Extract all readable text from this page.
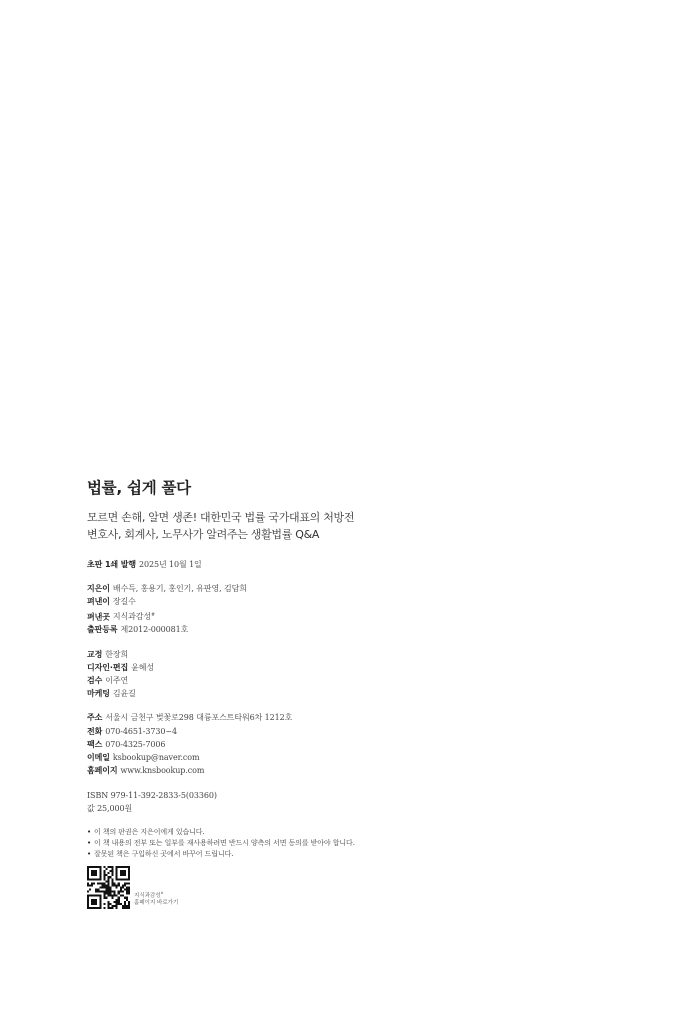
법률, 쉽게 풀다
모르면 손해, 알면 생존! 대한민국 법률 국가대표의 처방전
변호사, 회계사, 노무사가 알려주는 생활법률 Q&A
초판 1쇄 발행 2025년 10월 1일
지은이 배수득, 홍용기, 홍인기, 유판영, 김담희
펴낸이 장길수
펴낸곳 지식과감성#
출판등록 제2012-000081호
교정 한장희
디자인·편집 윤혜성
검수 이주연
마케팅 김윤길
주소 서울시 금천구 벚꽃로298 대륭포스트타워6차 1212호
전화 070-4651-3730~4
팩스 070-4325-7006
이메일 ksbookup@naver.com
홈페이지 www.knsbookup.com
ISBN 979-11-392-2833-5(03360)
값 25,000원
• 이 책의 판권은 지은이에게 있습니다.
• 이 책 내용의 전부 또는 일부를 재사용하려면 반드시 양측의 서면 동의를 받아야 합니다.
• 잘못된 책은 구입하신 곳에서 바꾸어 드립니다.
지식과감성#
홈페이지 바로가기
